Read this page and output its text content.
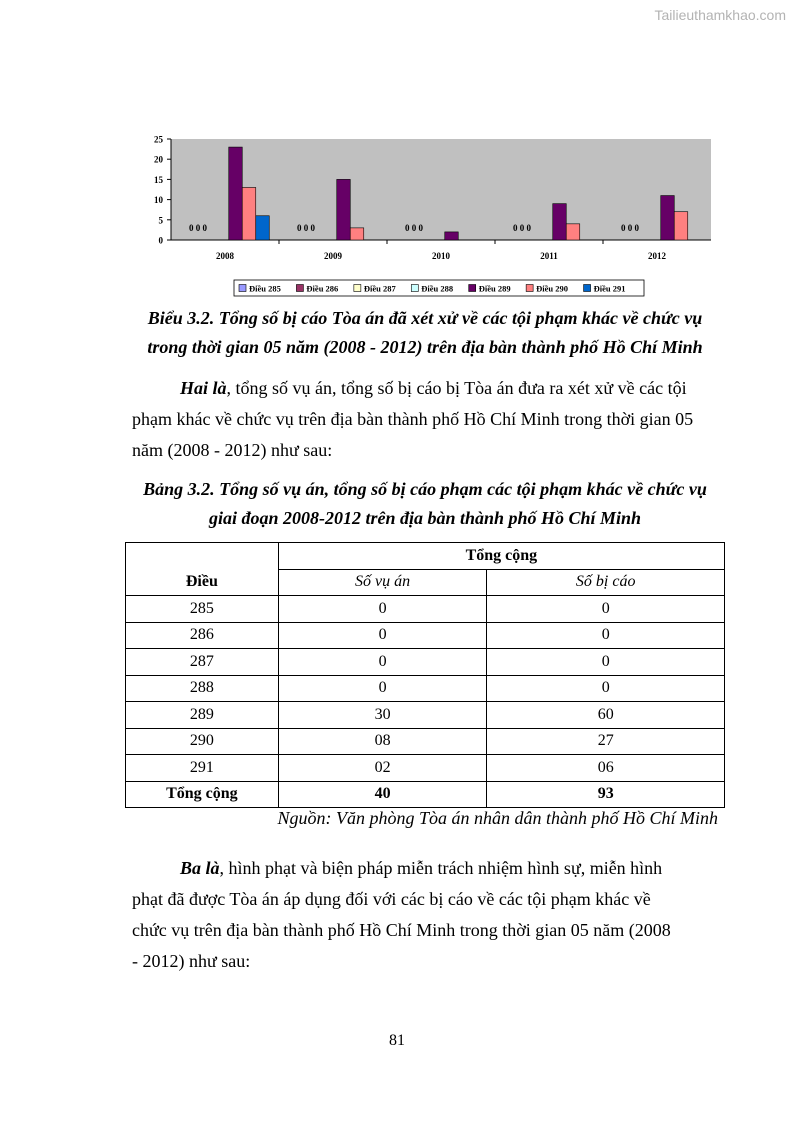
Tailieuthamkhao.com
0
5
10
15
20
25
2008
0 0 0
2009
0 0 0
2010
0 0 0
2011
0 0 0
2012
0 0 0
Điều 285	Điều 286	Điều 287	Điều 288	Điều 289	Điều 290	Điều 291
Biểu 3.2. Tổng số bị cáo Tòa án đã xét xử về các tội phạm khác về chức vụ
trong thời gian 05 năm (2008 - 2012) trên địa bàn thành phố Hồ Chí Minh
Hai là, tổng số vụ án, tổng số bị cáo bị Tòa án đưa ra xét xử về các tội
phạm khác về chức vụ trên địa bàn thành phố Hồ Chí Minh trong thời gian 05
năm (2008 - 2012) như sau:
Bảng 3.2. Tổng số vụ án, tổng số bị cáo phạm các tội phạm khác về chức vụ
giai đoạn 2008-2012 trên địa bàn thành phố Hồ Chí Minh
Điều	Tổng cộng	
	Số vụ án	Số bị cáo
285	0	0
286	0	0
287	0	0
288	0	0
289	30	60
290	08	27
291	02	06
Tổng cộng	40	93
Nguồn: Văn phòng Tòa án nhân dân thành phố Hồ Chí Minh
Ba là, hình phạt và biện pháp miễn trách nhiệm hình sự, miễn hình
phạt đã được Tòa án áp dụng đối với các bị cáo về các tội phạm khác về
chức vụ trên địa bàn thành phố Hồ Chí Minh trong thời gian 05 năm (2008
- 2012) như sau:
81
